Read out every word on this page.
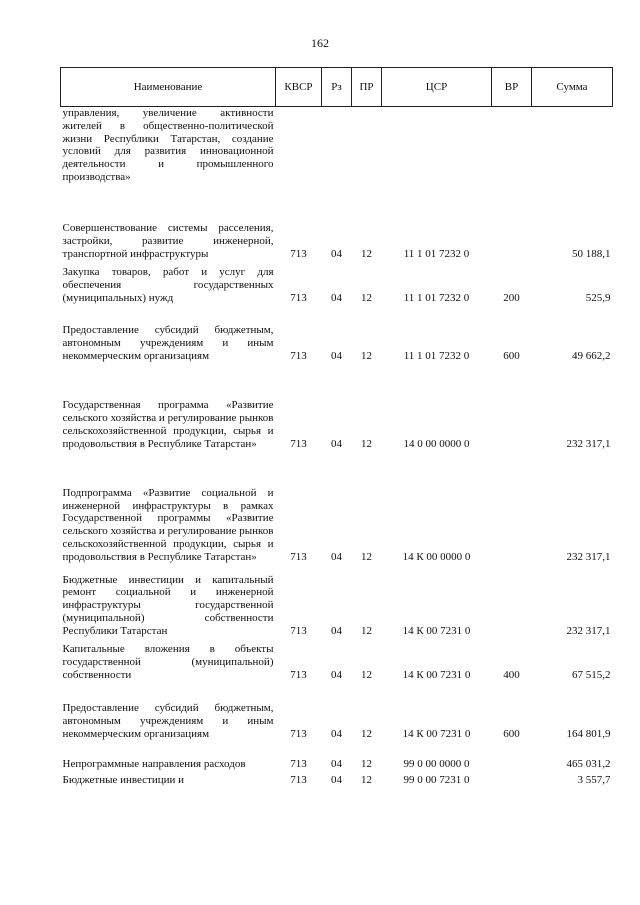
162
Наименование	КВСР	Рз	ПР	ЦСР	ВР	Сумма
управления, увеличение активности жителей в общественно-политической жизни Республики Татарстан, создание условий для развития инновационной деятельности и промышленного производства»						
Совершенствование системы расселения, застройки, развитие инженерной, транспортной инфраструктуры	713	04	12	11 1 01 7232 0		50 188,1
Закупка товаров, работ и услуг для обеспечения государственных (муниципальных) нужд	713	04	12	11 1 01 7232 0	200	525,9
Предоставление субсидий бюджетным, автономным учреждениям и иным некоммерческим организациям	713	04	12	11 1 01 7232 0	600	49 662,2
Государственная программа «Развитие сельского хозяйства и регулирование рынков сельскохозяйственной продукции, сырья и продовольствия в Республике Татарстан»	713	04	12	14 0 00 0000 0		232 317,1
Подпрограмма «Развитие социальной и инженерной инфраструктуры в рамках Государственной программы «Развитие сельского хозяйства и регулирование рынков сельскохозяйственной продукции, сырья и продовольствия в Республике Татарстан»	713	04	12	14 К 00 0000 0		232 317,1
Бюджетные инвестиции и капитальный ремонт социальной и инженерной инфраструктуры государственной (муниципальной) собственности Республики Татарстан	713	04	12	14 К 00 7231 0		232 317,1
Капитальные вложения в объекты государственной (муниципальной) собственности	713	04	12	14 К 00 7231 0	400	67 515,2
Предоставление субсидий бюджетным, автономным учреждениям и иным некоммерческим организациям	713	04	12	14 К 00 7231 0	600	164 801,9
Непрограммные направления расходов	713	04	12	99 0 00 0000 0		465 031,2
Бюджетные инвестиции и	713	04	12	99 0 00 7231 0		3 557,7
